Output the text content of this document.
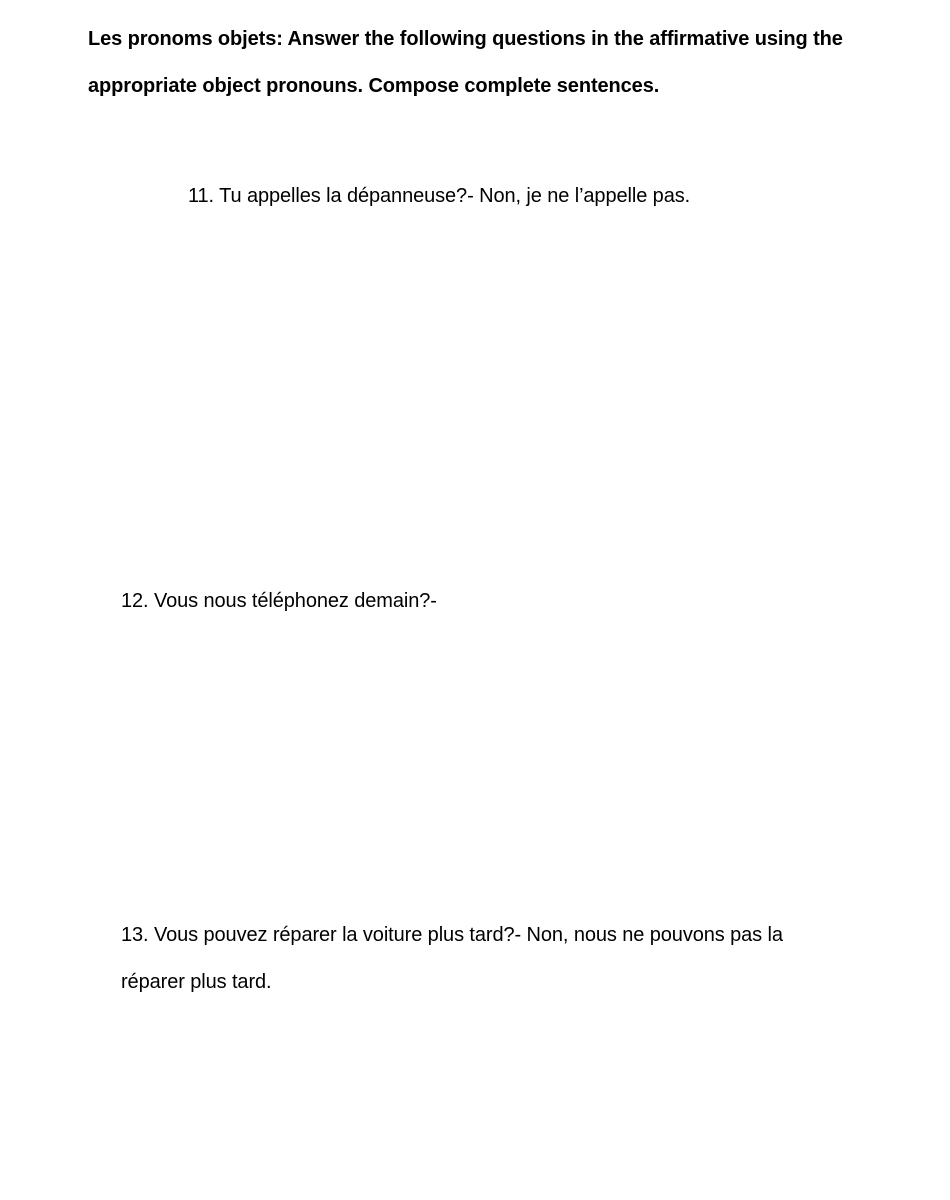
Les pronoms objets: Answer the following questions in the affirmative using the appropriate object pronouns. Compose complete sentences.
11. Tu appelles la dépanneuse?- Non, je ne l’appelle pas.
12. Vous nous téléphonez demain?-
13. Vous pouvez réparer la voiture plus tard?- Non, nous ne pouvons pas la réparer plus tard.
